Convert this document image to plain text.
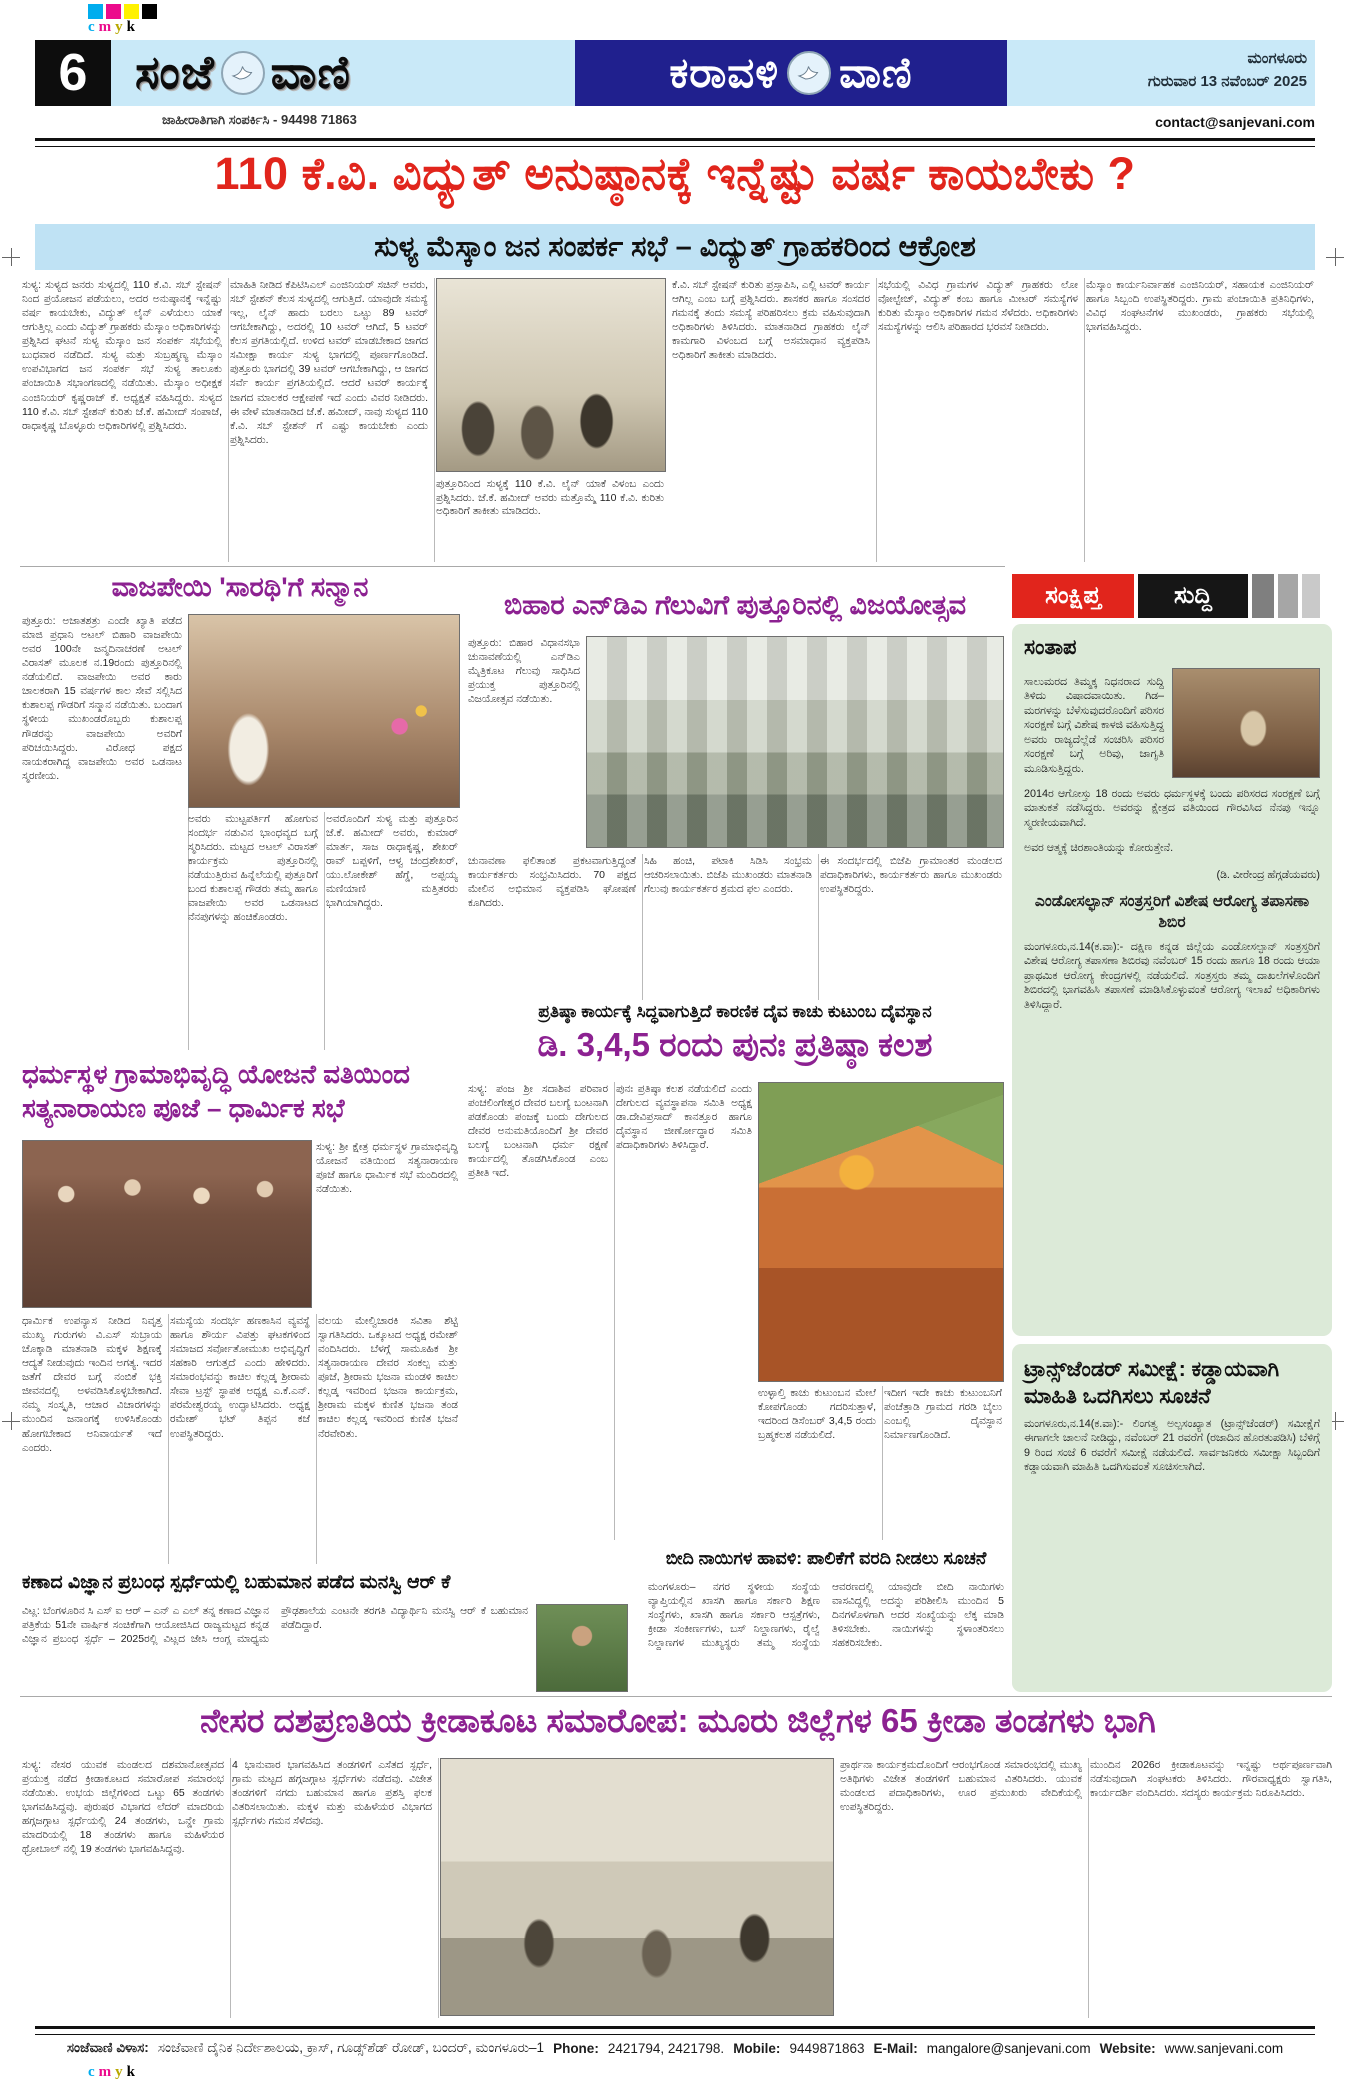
cmyk
6 ಸಂಜೆ ವಾಣಿ	ಕರಾವಳಿ ವಾಣಿ	ಮಂಗಳೂರು
ಗುರುವಾರ 13 ನವೆಂಬರ್ 2025
ಜಾಹೀರಾತಿಗಾಗಿ ಸಂಪರ್ಕಿಸಿ - 94498 71863	contact@sanjevani.com
110 ಕೆ.ವಿ. ವಿದ್ಯುತ್ ಅನುಷ್ಠಾನಕ್ಕೆ ಇನ್ನೆಷ್ಟು ವರ್ಷ ಕಾಯಬೇಕು ?
ಸುಳ್ಯ ಮೆಸ್ಕಾಂ ಜನ ಸಂಪರ್ಕ ಸಭೆ – ವಿದ್ಯುತ್ ಗ್ರಾಹಕರಿಂದ ಆಕ್ರೋಶ
ಸುಳ್ಯ: ಸುಳ್ಯದ ಜನರು ಸುಳ್ಯದಲ್ಲಿ 110 ಕೆ.ವಿ. ಸಬ್ ಸ್ಟೇಷನ್ ನಿಂದ ಪ್ರಯೋಜನ ಪಡೆಯಲು, ಅದರ ಅನುಷ್ಠಾನಕ್ಕೆ ಇನ್ನೆಷ್ಟು ವರ್ಷ ಕಾಯಬೇಕು, ವಿದ್ಯುತ್ ಲೈನ್ ಎಳೆಯಲು ಯಾಕೆ ಆಗುತ್ತಿಲ್ಲ ಎಂದು ವಿದ್ಯುತ್ ಗ್ರಾಹಕರು ಮೆಸ್ಕಾಂ ಅಧಿಕಾರಿಗಳನ್ನು ಪ್ರಶ್ನಿಸಿದ ಘಟನೆ ಸುಳ್ಯ ಮೆಸ್ಕಾಂ ಜನ ಸಂಪರ್ಕ ಸಭೆಯಲ್ಲಿ ಬುಧವಾರ ನಡೆದಿದೆ. ಸುಳ್ಯ ಮತ್ತು ಸುಬ್ರಹ್ಮಣ್ಯ ಮೆಸ್ಕಾಂ ಉಪವಿಭಾಗದ ಜನ ಸಂಪರ್ಕ ಸಭೆ ಸುಳ್ಯ ತಾಲೂಕು ಪಂಚಾಯಿತಿ ಸಭಾಂಗಣದಲ್ಲಿ ನಡೆಯಿತು. ಮೆಸ್ಕಾಂ ಅಧೀಕ್ಷಕ ಎಂಜಿನಿಯರ್ ಕೃಷ್ಣರಾಜ್ ಕೆ. ಅಧ್ಯಕ್ಷತೆ ವಹಿಸಿದ್ದರು. ಸುಳ್ಯದ 110 ಕೆ.ವಿ. ಸಬ್ ಸ್ಟೇಶನ್ ಕುರಿತು ಜೆ.ಕೆ. ಹಮೀದ್ ಸಂಪಾಜೆ, ರಾಧಾಕೃಷ್ಣ ಬೊಳ್ಳೂರು ಅಧಿಕಾರಿಗಳಲ್ಲಿ ಪ್ರಶ್ನಿಸಿದರು.
ಮಾಹಿತಿ ನೀಡಿದ ಕೆಪಿಟಿಸಿಎಲ್ ಎಂಜಿನಿಯರ್ ಸಚಿನ್ ಅವರು, ಸಬ್ ಸ್ಟೇಶನ್ ಕೆಲಸ ಸುಳ್ಯದಲ್ಲಿ ಆಗುತ್ತಿದೆ. ಯಾವುದೇ ಸಮಸ್ಯೆ ಇಲ್ಲ, ಲೈನ್ ಹಾದು ಬರಲು ಒಟ್ಟು 89 ಟವರ್ ಆಗಬೇಕಾಗಿದ್ದು, ಅದರಲ್ಲಿ 10 ಟವರ್ ಆಗಿದೆ, 5 ಟವರ್ ಕೆಲಸ ಪ್ರಗತಿಯಲ್ಲಿದೆ. ಉಳಿದ ಟವರ್ ಮಾಡಬೇಕಾದ ಜಾಗದ ಸಮೀಕ್ಷಾ ಕಾರ್ಯ ಸುಳ್ಯ ಭಾಗದಲ್ಲಿ ಪೂರ್ಣಗೊಂಡಿದೆ. ಪುತ್ತೂರು ಭಾಗದಲ್ಲಿ 39 ಟವರ್ ಆಗಬೇಕಾಗಿದ್ದು, ಆ ಜಾಗದ ಸರ್ವೆ ಕಾರ್ಯ ಪ್ರಗತಿಯಲ್ಲಿದೆ. ಆದರೆ ಟವರ್ ಕಾರ್ಯಕ್ಕೆ ಜಾಗದ ಮಾಲಕರ ಆಕ್ಷೇಪಣೆ ಇದೆ ಎಂದು ವಿವರ ನೀಡಿದರು. ಈ ವೇಳೆ ಮಾತನಾಡಿದ ಜೆ.ಕೆ. ಹಮೀದ್, ನಾವು ಸುಳ್ಯದ 110 ಕೆ.ವಿ. ಸಬ್ ಸ್ಟೇಶನ್ ಗೆ ಎಷ್ಟು ಕಾಯಬೇಕು ಎಂದು ಪ್ರಶ್ನಿಸಿದರು.
ಪುತ್ತೂರಿನಿಂದ ಸುಳ್ಯಕ್ಕೆ 110 ಕೆ.ವಿ. ಲೈನ್ ಯಾಕೆ ವಿಳಂಬ ಎಂದು ಪ್ರಶ್ನಿಸಿದರು. ಜೆ.ಕೆ. ಹಮೀದ್ ಅವರು ಮತ್ತೊಮ್ಮೆ 110 ಕೆ.ವಿ. ಕುರಿತು ಅಧಿಕಾರಿಗೆ ತಾಕೀತು ಮಾಡಿದರು.
ಕೆ.ವಿ. ಸಬ್ ಸ್ಟೇಷನ್ ಕುರಿತು ಪ್ರಸ್ತಾಪಿಸಿ, ಎಲ್ಲಿ ಟವರ್ ಕಾರ್ಯ ಆಗಿಲ್ಲ ಎಂಬ ಬಗ್ಗೆ ಪ್ರಶ್ನಿಸಿದರು. ಶಾಸಕರ ಹಾಗೂ ಸಂಸದರ ಗಮನಕ್ಕೆ ತಂದು ಸಮಸ್ಯೆ ಪರಿಹರಿಸಲು ಕ್ರಮ ವಹಿಸುವುದಾಗಿ ಅಧಿಕಾರಿಗಳು ತಿಳಿಸಿದರು. ಮಾತನಾಡಿದ ಗ್ರಾಹಕರು ಲೈನ್ ಕಾಮಗಾರಿ ವಿಳಂಬದ ಬಗ್ಗೆ ಅಸಮಾಧಾನ ವ್ಯಕ್ತಪಡಿಸಿ ಅಧಿಕಾರಿಗೆ ತಾಕೀತು ಮಾಡಿದರು.
ಸಭೆಯಲ್ಲಿ ವಿವಿಧ ಗ್ರಾಮಗಳ ವಿದ್ಯುತ್ ಗ್ರಾಹಕರು ಲೋ ವೋಲ್ಟೇಜ್, ವಿದ್ಯುತ್ ಕಂಬ ಹಾಗೂ ಮೀಟರ್ ಸಮಸ್ಯೆಗಳ ಕುರಿತು ಮೆಸ್ಕಾಂ ಅಧಿಕಾರಿಗಳ ಗಮನ ಸೆಳೆದರು. ಅಧಿಕಾರಿಗಳು ಸಮಸ್ಯೆಗಳನ್ನು ಆಲಿಸಿ ಪರಿಹಾರದ ಭರವಸೆ ನೀಡಿದರು.
ಮೆಸ್ಕಾಂ ಕಾರ್ಯನಿರ್ವಾಹಕ ಎಂಜಿನಿಯರ್, ಸಹಾಯಕ ಎಂಜಿನಿಯರ್ ಹಾಗೂ ಸಿಬ್ಬಂದಿ ಉಪಸ್ಥಿತರಿದ್ದರು. ಗ್ರಾಮ ಪಂಚಾಯಿತಿ ಪ್ರತಿನಿಧಿಗಳು, ವಿವಿಧ ಸಂಘಟನೆಗಳ ಮುಖಂಡರು, ಗ್ರಾಹಕರು ಸಭೆಯಲ್ಲಿ ಭಾಗವಹಿಸಿದ್ದರು.
ವಾಜಪೇಯಿ 'ಸಾರಥಿ'ಗೆ ಸನ್ಮಾನ
ಪುತ್ತೂರು: ಅಜಾತಶತ್ರು ಎಂದೇ ಖ್ಯಾತಿ ಪಡೆದ ಮಾಜಿ ಪ್ರಧಾನಿ ಅಟಲ್ ಬಿಹಾರಿ ವಾಜಪೇಯಿ ಅವರ 100ನೇ ಜನ್ಮದಿನಾಚರಣೆ ಅಟಲ್ ವಿರಾಸತ್ ಮೂಲಕ ನ.19ರಂದು ಪುತ್ತೂರಿನಲ್ಲಿ ನಡೆಯಲಿದೆ. ವಾಜಪೇಯಿ ಅವರ ಕಾರು ಚಾಲಕರಾಗಿ 15 ವರ್ಷಗಳ ಕಾಲ ಸೇವೆ ಸಲ್ಲಿಸಿದ ಕುಶಾಲಪ್ಪ ಗೌಡರಿಗೆ ಸನ್ಮಾನ ನಡೆಯಿತು. ಬಂದಾಗ ಸ್ಥಳೀಯ ಮುಖಂಡರೊಬ್ಬರು ಕುಶಾಲಪ್ಪ ಗೌಡರನ್ನು ವಾಜಪೇಯಿ ಅವರಿಗೆ ಪರಿಚಯಿಸಿದ್ದರು. ವಿರೋಧ ಪಕ್ಷದ ನಾಯಕರಾಗಿದ್ದ ವಾಜಪೇಯಿ ಅವರ ಒಡನಾಟ ಸ್ಮರಣೀಯ.
ಅವರು ಮುಟ್ಟಪರ್ತಿಗೆ ಹೋಗುವ ಸಂದರ್ಭ ನಡುವಿನ ಭಾಂಧವ್ಯದ ಬಗ್ಗೆ ಸ್ಮರಿಸಿದರು. ಮಟ್ಟದ ಅಟಲ್ ವಿರಾಸತ್ ಕಾರ್ಯಕ್ರಮ ಪುತ್ತೂರಿನಲ್ಲಿ ನಡೆಯುತ್ತಿರುವ ಹಿನ್ನೆಲೆಯಲ್ಲಿ ಪುತ್ತೂರಿಗೆ ಬಂದ ಕುಶಾಲಪ್ಪ ಗೌಡರು ತಮ್ಮ ಹಾಗೂ ವಾಜಪೇಯಿ ಅವರ ಒಡನಾಟದ ನೆನಪುಗಳನ್ನು ಹಂಚಿಕೊಂಡರು.
ಅವರೊಂದಿಗೆ ಸುಳ್ಯ ಮತ್ತು ಪುತ್ತೂರಿನ ಜೆ.ಕೆ. ಹಮೀದ್ ಅವರು, ಕುಮಾರ್ ಮಾರ್ತ, ಸಾಜ ರಾಧಾಕೃಷ್ಣ, ಶೇಖರ್ ರಾವ್ ಬಪ್ಪಳಿಗೆ, ಆಳ್ವ ಚಂದ್ರಶೇಖರ್, ಯು.ಲೋಕೇಶ್ ಹೆಗ್ಡೆ, ಅಪ್ಪಯ್ಯ ಮಣಿಯಾಣಿ ಮತ್ತಿತರರು ಭಾಗಿಯಾಗಿದ್ದರು.
ಬಿಹಾರ ಎನ್‌ಡಿಎ ಗೆಲುವಿಗೆ ಪುತ್ತೂರಿನಲ್ಲಿ ವಿಜಯೋತ್ಸವ
ಪುತ್ತೂರು: ಬಿಹಾರ ವಿಧಾನಸಭಾ ಚುನಾವಣೆಯಲ್ಲಿ ಎನ್‌ಡಿಎ ಮೈತ್ರಿಕೂಟ ಗೆಲುವು ಸಾಧಿಸಿದ ಪ್ರಯುಕ್ತ ಪುತ್ತೂರಿನಲ್ಲಿ ವಿಜಯೋತ್ಸವ ನಡೆಯಿತು.
ಚುನಾವಣಾ ಫಲಿತಾಂಶ ಪ್ರಕಟವಾಗುತ್ತಿದ್ದಂತೆ ಕಾರ್ಯಕರ್ತರು ಸಂಭ್ರಮಿಸಿದರು. 70 ಪಕ್ಷದ ಮೇಲಿನ ಅಭಿಮಾನ ವ್ಯಕ್ತಪಡಿಸಿ ಘೋಷಣೆ ಕೂಗಿದರು.
ಸಿಹಿ ಹಂಚಿ, ಪಟಾಕಿ ಸಿಡಿಸಿ ಸಂಭ್ರಮ ಆಚರಿಸಲಾಯಿತು. ಬಿಜೆಪಿ ಮುಖಂಡರು ಮಾತನಾಡಿ ಗೆಲುವು ಕಾರ್ಯಕರ್ತರ ಶ್ರಮದ ಫಲ ಎಂದರು.
ಈ ಸಂದರ್ಭದಲ್ಲಿ ಬಿಜೆಪಿ ಗ್ರಾಮಾಂತರ ಮಂಡಲದ ಪದಾಧಿಕಾರಿಗಳು, ಕಾರ್ಯಕರ್ತರು ಹಾಗೂ ಮುಖಂಡರು ಉಪಸ್ಥಿತರಿದ್ದರು.
ಸಂಕ್ಷಿಪ್ತ	ಸುದ್ದಿ
ಸಂತಾಪ

ಸಾಲುಮರದ ತಿಮ್ಮಕ್ಕ ನಿಧನರಾದ ಸುದ್ದಿ ತಿಳಿದು ವಿಷಾದವಾಯಿತು. ಗಿಡ–ಮರಗಳನ್ನು ಬೆಳೆಸುವುದರೊಂದಿಗೆ ಪರಿಸರ ಸಂರಕ್ಷಣೆ ಬಗ್ಗೆ ವಿಶೇಷ ಕಾಳಜಿ ವಹಿಸುತ್ತಿದ್ದ ಅವರು ರಾಜ್ಯದೆಲ್ಲೆಡೆ ಸಂಚರಿಸಿ ಪರಿಸರ ಸಂರಕ್ಷಣೆ ಬಗ್ಗೆ ಅರಿವು, ಜಾಗೃತಿ ಮೂಡಿಸುತ್ತಿದ್ದರು.

2014ರ ಆಗೋಸ್ತು 18 ರಂದು ಅವರು ಧರ್ಮಸ್ಥಳಕ್ಕೆ ಬಂದು ಪರಿಸರದ ಸಂರಕ್ಷಣೆ ಬಗ್ಗೆ ಮಾತುಕತೆ ನಡೆಸಿದ್ದರು. ಅವರನ್ನು ಕ್ಷೇತ್ರದ ವತಿಯಿಂದ ಗೌರವಿಸಿದ ನೆನಪು ಇನ್ನೂ ಸ್ಮರಣೀಯವಾಗಿದೆ.

ಅವರ ಆತ್ಮಕ್ಕೆ ಚಿರಶಾಂತಿಯನ್ನು ಕೋರುತ್ತೇನೆ.

(ಡಿ. ವೀರೇಂದ್ರ ಹೆಗ್ಗಡೆಯವರು)
ಎಂಡೋಸಲ್ಫಾನ್ ಸಂತ್ರಸ್ತರಿಗೆ ವಿಶೇಷ ಆರೋಗ್ಯ ತಪಾಸಣಾ ಶಿಬಿರ
ಮಂಗಳೂರು,ನ.14(ಕ.ವಾ):- ದಕ್ಷಿಣ ಕನ್ನಡ ಜಿಲ್ಲೆಯ ಎಂಡೋಸಲ್ಫಾನ್ ಸಂತ್ರಸ್ತರಿಗೆ ವಿಶೇಷ ಆರೋಗ್ಯ ತಪಾಸಣಾ ಶಿಬಿರವು ನವೆಂಬರ್ 15 ರಂದು ಹಾಗೂ 18 ರಂದು ಆಯಾ ಪ್ರಾಥಮಿಕ ಆರೋಗ್ಯ ಕೇಂದ್ರಗಳಲ್ಲಿ ನಡೆಯಲಿದೆ. ಸಂತ್ರಸ್ತರು ತಮ್ಮ ದಾಖಲೆಗಳೊಂದಿಗೆ ಶಿಬಿರದಲ್ಲಿ ಭಾಗವಹಿಸಿ ತಪಾಸಣೆ ಮಾಡಿಸಿಕೊಳ್ಳುವಂತೆ ಆರೋಗ್ಯ ಇಲಾಖೆ ಅಧಿಕಾರಿಗಳು ತಿಳಿಸಿದ್ದಾರೆ.
ಟ್ರಾನ್ಸ್‌ಜೆಂಡರ್ ಸಮೀಕ್ಷೆ: ಕಡ್ಡಾಯವಾಗಿ ಮಾಹಿತಿ ಒದಗಿಸಲು ಸೂಚನೆ
ಮಂಗಳೂರು,ನ.14(ಕ.ವಾ):- ಲಿಂಗತ್ವ ಅಲ್ಪಸಂಖ್ಯಾತ (ಟ್ರಾನ್ಸ್‌ಜೆಂಡರ್) ಸಮೀಕ್ಷೆಗೆ ಈಗಾಗಲೇ ಚಾಲನೆ ನೀಡಿದ್ದು, ನವೆಂಬರ್ 21 ರವರೆಗೆ (ರಜಾದಿನ ಹೊರತುಪಡಿಸಿ) ಬೆಳಿಗ್ಗೆ 9 ರಿಂದ ಸಂಜೆ 6 ರವರೆಗೆ ಸಮೀಕ್ಷೆ ನಡೆಯಲಿದೆ. ಸಾರ್ವಜನಿಕರು ಸಮೀಕ್ಷಾ ಸಿಬ್ಬಂದಿಗೆ ಕಡ್ಡಾಯವಾಗಿ ಮಾಹಿತಿ ಒದಗಿಸುವಂತೆ ಸೂಚಿಸಲಾಗಿದೆ.
ಧರ್ಮಸ್ಥಳ ಗ್ರಾಮಾಭಿವೃದ್ಧಿ ಯೋಜನೆ ವತಿಯಿಂದ ಸತ್ಯನಾರಾಯಣ ಪೂಜೆ – ಧಾರ್ಮಿಕ ಸಭೆ
ಸುಳ್ಯ: ಶ್ರೀ ಕ್ಷೇತ್ರ ಧರ್ಮಸ್ಥಳ ಗ್ರಾಮಾಭಿವೃದ್ಧಿ ಯೋಜನೆ ವತಿಯಿಂದ ಸತ್ಯನಾರಾಯಣ ಪೂಜೆ ಹಾಗೂ ಧಾರ್ಮಿಕ ಸಭೆ ಮಂದಿರದಲ್ಲಿ ನಡೆಯಿತು.
ಧಾರ್ಮಿಕ ಉಪನ್ಯಾಸ ನೀಡಿದ ನಿವೃತ್ತ ಮುಖ್ಯ ಗುರುಗಳು ವಿ.ಎಸ್ ಸುಬ್ರಾಯ ಚೊಕ್ಕಾಡಿ ಮಾತನಾಡಿ ಮಕ್ಕಳ ಶಿಕ್ಷಣಕ್ಕೆ ಆದ್ಯತೆ ನೀಡುವುದು ಇಂದಿನ ಅಗತ್ಯ. ಇದರ ಜತೆಗೆ ದೇವರ ಬಗ್ಗೆ ನಂಬಿಕೆ ಭಕ್ತಿ ಜೀವನದಲ್ಲಿ ಅಳವಡಿಸಿಕೊಳ್ಳಬೇಕಾಗಿದೆ. ನಮ್ಮ ಸಂಸ್ಕೃತಿ, ಆಚಾರ ವಿಚಾರಗಳನ್ನು ಮುಂದಿನ ಜನಾಂಗಕ್ಕೆ ಉಳಿಸಿಕೊಂಡು ಹೋಗಬೇಕಾದ ಅನಿವಾರ್ಯತೆ ಇದೆ ಎಂದರು.
ಸಮಸ್ಯೆಯ ಸಂದರ್ಭ ಹಣಕಾಸಿನ ವ್ಯವಸ್ಥೆ ಹಾಗೂ ಶೌರ್ಯ ವಿಪತ್ತು ಘಟಕಗಳಿಂದ ಸಮಾಜದ ಸರ್ವೋತೋಮುಖ ಅಭಿವೃದ್ಧಿಗೆ ಸಹಕಾರಿ ಆಗುತ್ತದೆ ಎಂದು ಹೇಳಿದರು. ಸಮಾರಂಭವನ್ನು ಕಾಚಿಲ ಕಲ್ಲಡ್ಕ ಶ್ರೀರಾಮ ಸೇವಾ ಟ್ರಸ್ಟ್ ಸ್ಥಾಪಕ ಅಧ್ಯಕ್ಷ ಎ.ಕೆ.ಎನ್. ಪರಮೇಶ್ವರಯ್ಯ ಉದ್ಘಾಟಿಸಿದರು. ಅಧ್ಯಕ್ಷ ರಮೇಶ್ ಭಟ್ ತಿಪ್ಪನ ಕಜೆ ಉಪಸ್ಥಿತರಿದ್ದರು.
ವಲಯ ಮೇಲ್ವಿಚಾರಕಿ ಸವಿತಾ ಶೆಟ್ಟಿ ಸ್ವಾಗತಿಸಿದರು. ಒಕ್ಕೂಟದ ಅಧ್ಯಕ್ಷ ರಮೇಶ್ ವಂದಿಸಿದರು. ಬೆಳಗ್ಗೆ ಸಾಮೂಹಿಕ ಶ್ರೀ ಸತ್ಯನಾರಾಯಣ ದೇವರ ಸಂಕಲ್ಪ ಮತ್ತು ಪೂಜೆ, ಶ್ರೀರಾಮ ಭಜನಾ ಮಂಡಳಿ ಕಾಚಿಲ ಕಲ್ಲಡ್ಕ ಇವರಿಂದ ಭಜನಾ ಕಾರ್ಯಕ್ರಮ, ಶ್ರೀರಾಮ ಮಕ್ಕಳ ಕುಣಿತ ಭಜನಾ ತಂಡ ಕಾಚಿಲ ಕಲ್ಲಡ್ಕ ಇವರಿಂದ ಕುಣಿತ ಭಜನೆ ನೆರವೇರಿತು.
ಪ್ರತಿಷ್ಠಾ ಕಾರ್ಯಕ್ಕೆ ಸಿದ್ಧವಾಗುತ್ತಿದೆ ಕಾರಣಿಕ ದೈವ ಕಾಚು ಕುಟುಂಬ ದೈವಸ್ಥಾನ
ಡಿ. 3,4,5 ರಂದು ಪುನಃ ಪ್ರತಿಷ್ಠಾ ಕಲಶ
ಸುಳ್ಯ: ಪಂಜ ಶ್ರೀ ಸದಾಶಿವ ಪರಿವಾರ ಪಂಚಲಿಂಗೇಶ್ವರ ದೇವರ ಬಲಗ್ಯೆ ಬಂಟನಾಗಿ ಪಡಕೊಂಡು ಪಂಜಕ್ಕೆ ಬಂದು ದೇಗುಲದ ದೇವರ ಅನುಮತಿಯೊಂದಿಗೆ ಶ್ರೀ ದೇವರ ಬಲಗ್ಯೆ ಬಂಟನಾಗಿ ಧರ್ಮ ರಕ್ಷಣೆ ಕಾರ್ಯದಲ್ಲಿ ತೊಡಗಿಸಿಕೊಂಡ ಎಂಬ ಪ್ರತೀತಿ ಇದೆ.
ಪುನಃ ಪ್ರತಿಷ್ಠಾ ಕಲಶ ನಡೆಯಲಿದೆ ಎಂದು ದೇಗುಲದ ವ್ಯವಸ್ಥಾಪನಾ ಸಮಿತಿ ಅಧ್ಯಕ್ಷ ಡಾ.ದೇವಿಪ್ರಸಾದ್ ಕಾನತ್ತೂರ ಹಾಗೂ ದೈವಸ್ಥಾನ ಜೀರ್ಣೋದ್ಧಾರ ಸಮಿತಿ ಪದಾಧಿಕಾರಿಗಳು ತಿಳಿಸಿದ್ದಾರೆ.
ಉಳ್ಳಾಲ್ತಿ ಕಾಚು ಕುಟುಂಬನ ಮೇಲೆ ಕೋಪಗೊಂಡು ಗದರಿಸುತ್ತಾಳೆ, ಇದರಿಂದ ಡಿಸೆಂಬರ್ 3,4,5 ರಂದು ಬ್ರಹ್ಮಕಲಶ ನಡೆಯಲಿದೆ.
ಇದೀಗ ಇದೇ ಕಾಚು ಕುಟುಂಬನಿಗೆ ಪಂಚೆತ್ತಾಡಿ ಗ್ರಾಮದ ಗರಡಿ ಬೈಲು ಎಂಬಲ್ಲಿ ದೈವಸ್ಥಾನ ನಿರ್ಮಾಣಗೊಂಡಿದೆ.
ಬೀದಿ ನಾಯಿಗಳ ಹಾವಳಿ: ಪಾಲಿಕೆಗೆ ವರದಿ ನೀಡಲು ಸೂಚನೆ
ಮಂಗಳೂರು– ನಗರ ಸ್ಥಳೀಯ ಸಂಸ್ಥೆಯ ವ್ಯಾಪ್ತಿಯಲ್ಲಿನ ಖಾಸಗಿ ಹಾಗೂ ಸರ್ಕಾರಿ ಶಿಕ್ಷಣ ಸಂಸ್ಥೆಗಳು, ಖಾಸಗಿ ಹಾಗೂ ಸರ್ಕಾರಿ ಆಸ್ಪತ್ರೆಗಳು, ಕ್ರೀಡಾ ಸಂಕೀರ್ಣಗಳು, ಬಸ್ ನಿಲ್ದಾಣಗಳು, ರೈಲ್ವೆ ನಿಲ್ದಾಣಗಳ ಮುಖ್ಯಸ್ಥರು ತಮ್ಮ ಸಂಸ್ಥೆಯ ಆವರಣದಲ್ಲಿ ಯಾವುದೇ ಬೀದಿ ನಾಯಿಗಳು ವಾಸವಿದ್ದಲ್ಲಿ ಅದನ್ನು ಪರಿಶೀಲಿಸಿ ಮುಂದಿನ 5 ದಿನಗಳೊಳಗಾಗಿ ಅದರ ಸಂಖ್ಯೆಯನ್ನು ಲೆಕ್ಕ ಮಾಡಿ ತಿಳಿಸಬೇಕು. ನಾಯಿಗಳನ್ನು ಸ್ಥಳಾಂತರಿಸಲು ಸಹಕರಿಸಬೇಕು.
ಕಣಾದ ವಿಜ್ಞಾನ ಪ್ರಬಂಧ ಸ್ಪರ್ಧೆಯಲ್ಲಿ ಬಹುಮಾನ ಪಡೆದ ಮನಸ್ವಿ ಆರ್ ಕೆ
ವಿಟ್ಲ: ಬೆಂಗಳೂರಿನ ಸಿ ಎಸ್ ಐ ಆರ್ – ಎನ್ ಎ ಎಲ್ ತನ್ನ ಕಣಾದ ವಿಜ್ಞಾನ ಪತ್ರಿಕೆಯ 51ನೇ ವಾರ್ಷಿಕ ಸಂಚಿಕೆಗಾಗಿ ಆಯೋಜಿಸಿದ ರಾಜ್ಯಮಟ್ಟದ ಕನ್ನಡ ವಿಜ್ಞಾನ ಪ್ರಬಂಧ ಸ್ಪರ್ಧೆ – 2025ರಲ್ಲಿ ವಿಟ್ಲದ ಜೇಸಿ ಆಂಗ್ಲ ಮಾಧ್ಯಮ ಪ್ರೌಢಶಾಲೆಯ ಎಂಟನೇ ತರಗತಿ ವಿದ್ಯಾರ್ಥಿನಿ ಮನಸ್ವಿ ಆರ್ ಕೆ ಬಹುಮಾನ ಪಡೆದಿದ್ದಾರೆ.
ನೇಸರ ದಶಪ್ರಣತಿಯ ಕ್ರೀಡಾಕೂಟ ಸಮಾರೋಪ: ಮೂರು ಜಿಲ್ಲೆಗಳ 65 ಕ್ರೀಡಾ ತಂಡಗಳು ಭಾಗಿ
ಸುಳ್ಯ: ನೇಸರ ಯುವಕ ಮಂಡಲದ ದಶಮಾನೋತ್ಸವದ ಪ್ರಯುಕ್ತ ನಡೆದ ಕ್ರೀಡಾಕೂಟದ ಸಮಾರೋಪ ಸಮಾರಂಭ ನಡೆಯಿತು. ಉಭಯ ಜಿಲ್ಲೆಗಳಿಂದ ಒಟ್ಟು 65 ತಂಡಗಳು ಭಾಗವಹಿಸಿದ್ದವು. ಪುರುಷರ ವಿಭಾಗದ ಲೆದರ್ ಮಾದರಿಯ ಹಗ್ಗಜಗ್ಗಾಟ ಸ್ಪರ್ಧೆಯಲ್ಲಿ 24 ತಂಡಗಳು, ಒನ್ಡೇ ಗ್ರಾಮ ಮಾದರಿಯಲ್ಲಿ 18 ತಂಡಗಳು ಹಾಗೂ ಮಹಿಳೆಯರ ಥ್ರೋಬಾಲ್ ನಲ್ಲಿ 19 ತಂಡಗಳು ಭಾಗವಹಿಸಿದ್ದವು.
4 ಭಾನುವಾರ ಭಾಗವಹಿಸಿದ ತಂಡಗಳಿಗೆ ಎಸೆತದ ಸ್ಪರ್ಧೆ, ಗ್ರಾಮ ಮಟ್ಟದ ಹಗ್ಗಜಗ್ಗಾಟ ಸ್ಪರ್ಧೆಗಳು ನಡೆದವು. ವಿಜೇತ ತಂಡಗಳಿಗೆ ನಗದು ಬಹುಮಾನ ಹಾಗೂ ಪ್ರಶಸ್ತಿ ಫಲಕ ವಿತರಿಸಲಾಯಿತು. ಮಕ್ಕಳ ಮತ್ತು ಮಹಿಳೆಯರ ವಿಭಾಗದ ಸ್ಪರ್ಧೆಗಳು ಗಮನ ಸೆಳೆದವು.
ಪ್ರಾರ್ಥನಾ ಕಾರ್ಯಕ್ರಮದೊಂದಿಗೆ ಆರಂಭಗೊಂಡ ಸಮಾರಂಭದಲ್ಲಿ ಮುಖ್ಯ ಅತಿಥಿಗಳು ವಿಜೇತ ತಂಡಗಳಿಗೆ ಬಹುಮಾನ ವಿತರಿಸಿದರು. ಯುವಕ ಮಂಡಲದ ಪದಾಧಿಕಾರಿಗಳು, ಊರ ಪ್ರಮುಖರು ವೇದಿಕೆಯಲ್ಲಿ ಉಪಸ್ಥಿತರಿದ್ದರು.
ಮುಂದಿನ 2026ರ ಕ್ರೀಡಾಕೂಟವನ್ನು ಇನ್ನಷ್ಟು ಅರ್ಥಪೂರ್ಣವಾಗಿ ನಡೆಸುವುದಾಗಿ ಸಂಘಟಕರು ತಿಳಿಸಿದರು. ಗೌರವಾಧ್ಯಕ್ಷರು ಸ್ವಾಗತಿಸಿ, ಕಾರ್ಯದರ್ಶಿ ವಂದಿಸಿದರು. ಸದಸ್ಯರು ಕಾರ್ಯಕ್ರಮ ನಿರೂಪಿಸಿದರು.
ಸಂಜೆವಾಣಿ ವಿಳಾಸ: ಸಂಜೆವಾಣಿ ದೈನಿಕ ನಿರ್ದೇಶಾಲಯ, ಕ್ರಾಸ್, ಗೂಡ್ಸ್‌ಶೆಡ್ ರೋಡ್, ಬಂದರ್, ಮಂಗಳೂರು–1 Phone: 2421794, 2421798. Mobile: 9449871863 E-Mail: mangalore@sanjevani.com Website: www.sanjevani.com
cmyk
